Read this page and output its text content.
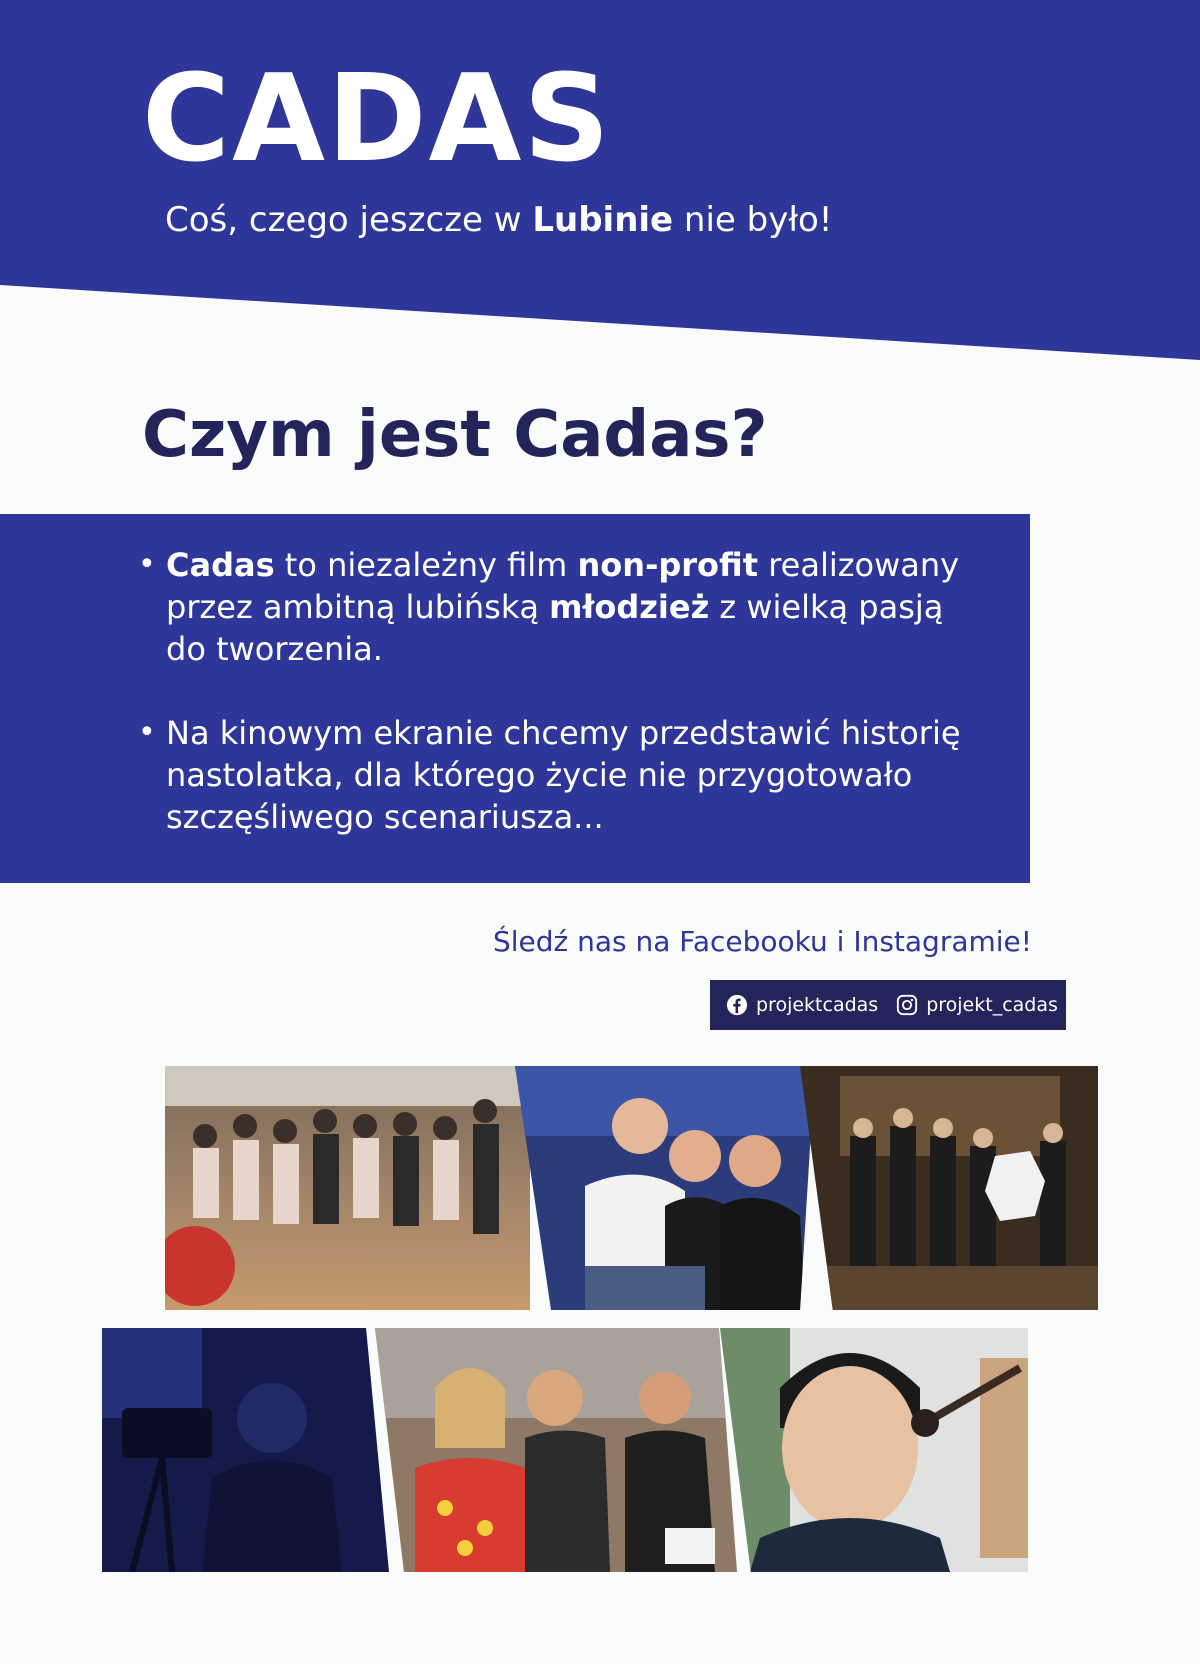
CADAS

Coś, czego jeszcze w Lubinie nie było!

Czym jest Cadas?
• Cadas to niezależny film non-profit realizowany przez ambitną lubińską młodzież z wielką pasją do tworzenia.
• Na kinowym ekranie chcemy przedstawić historię nastolatka, dla którego życie nie przygotowało szczęśliwego scenariusza...

Śledź nas na Facebooku i Instagramie!

projektcadas	projekt_cadas
